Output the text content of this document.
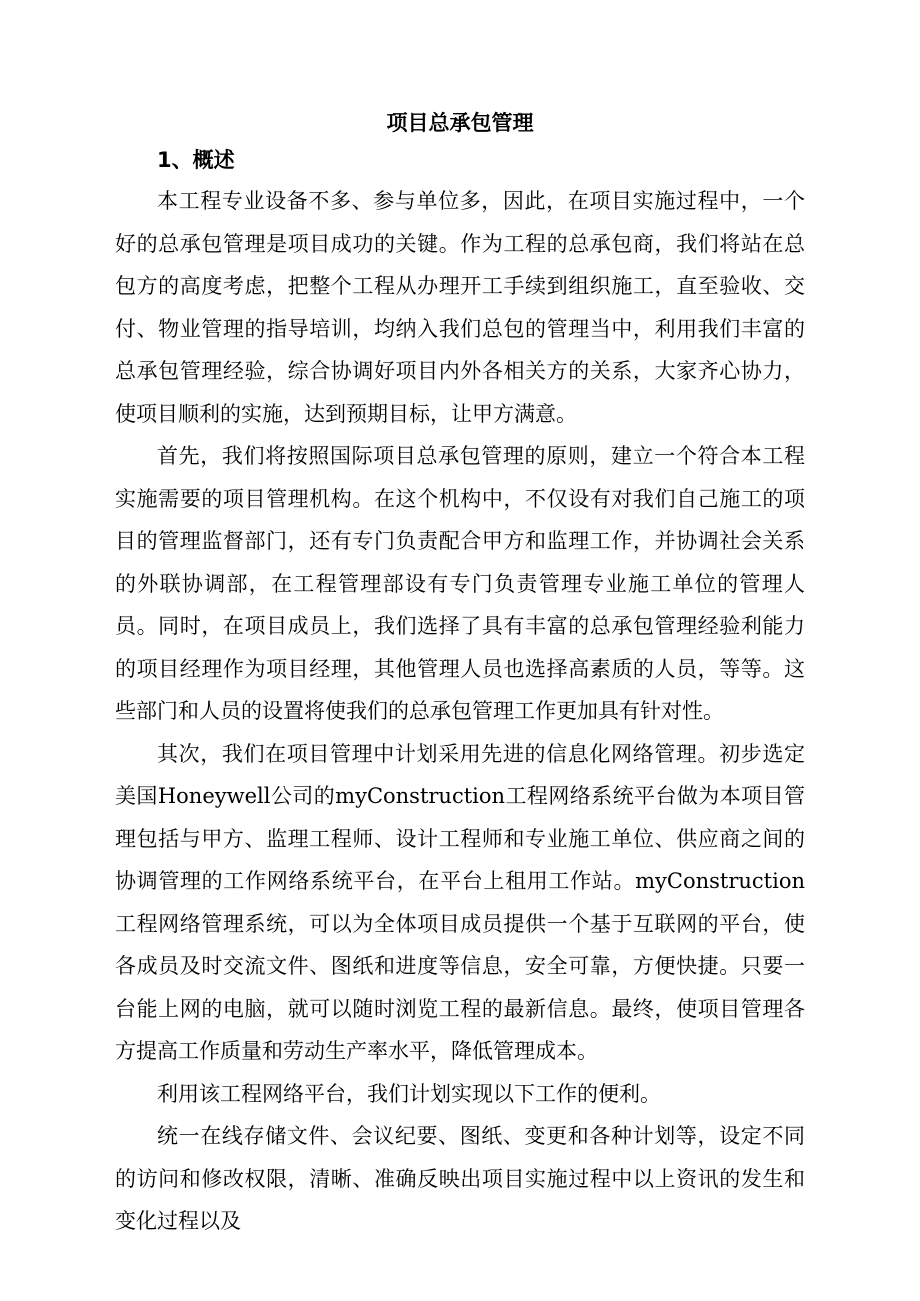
项目总承包管理
1、概述

本工程专业设备不多、参与单位多，因此，在项目实施过程中，一个好的总承包管理是项目成功的关键。作为工程的总承包商，我们将站在总包方的高度考虑，把整个工程从办理开工手续到组织施工，直至验收、交付、物业管理的指导培训，均纳入我们总包的管理当中，利用我们丰富的总承包管理经验，综合协调好项目内外各相关方的关系，大家齐心协力，使项目顺利的实施，达到预期目标，让甲方满意。

首先，我们将按照国际项目总承包管理的原则，建立一个符合本工程实施需要的项目管理机构。在这个机构中，不仅设有对我们自己施工的项目的管理监督部门，还有专门负责配合甲方和监理工作，并协调社会关系的外联协调部，在工程管理部设有专门负责管理专业施工单位的管理人员。同时，在项目成员上，我们选择了具有丰富的总承包管理经验利能力的项目经理作为项目经理，其他管理人员也选择高素质的人员，等等。这些部门和人员的设置将使我们的总承包管理工作更加具有针对性。

其次，我们在项目管理中计划采用先进的信息化网络管理。初步选定美国Honeywell公司的myConstruction工程网络系统平台做为本项目管理包括与甲方、监理工程师、设计工程师和专业施工单位、供应商之间的协调管理的工作网络系统平台，在平台上租用工作站。myConstruction工程网络管理系统，可以为全体项目成员提供一个基于互联网的平台，使各成员及时交流文件、图纸和进度等信息，安全可靠，方便快捷。只要一台能上网的电脑，就可以随时浏览工程的最新信息。最终，使项目管理各方提高工作质量和劳动生产率水平，降低管理成本。

利用该工程网络平台，我们计划实现以下工作的便利。

统一在线存储文件、会议纪要、图纸、变更和各种计划等，设定不同的访问和修改权限，清晰、准确反映出项目实施过程中以上资讯的发生和变化过程以及
